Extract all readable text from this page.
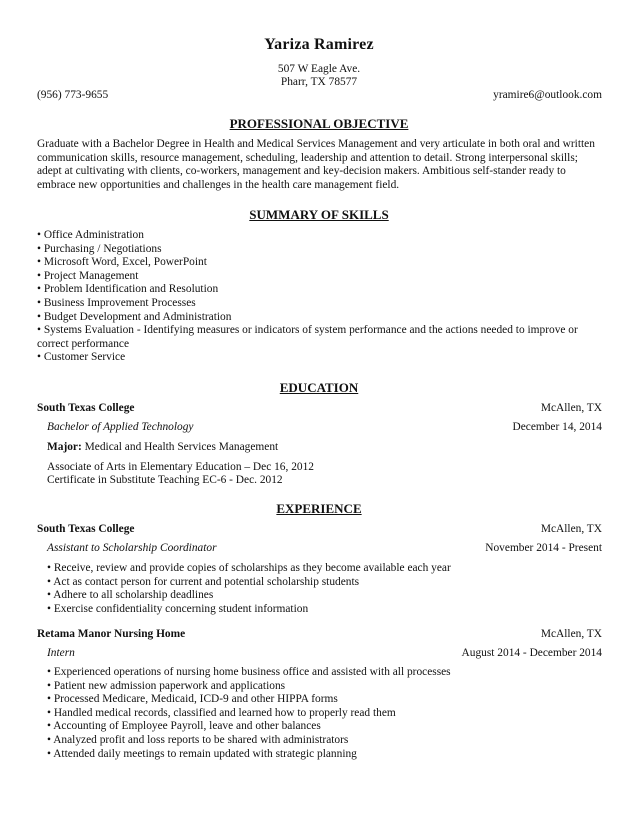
Yariza Ramirez
507 W Eagle Ave.
Pharr, TX 78577
(956) 773-9655	yramire6@outlook.com
PROFESSIONAL OBJECTIVE
Graduate with a Bachelor Degree in Health and Medical Services Management and very articulate in both oral and written communication skills, resource management, scheduling, leadership and attention to detail. Strong interpersonal skills; adept at cultivating with clients, co-workers, management and key-decision makers. Ambitious self-stander ready to embrace new opportunities and challenges in the health care management field.
SUMMARY OF SKILLS
• Office Administration
• Purchasing / Negotiations
• Microsoft Word, Excel, PowerPoint
• Project Management
• Problem Identification and Resolution
• Business Improvement Processes
• Budget Development and Administration
• Systems Evaluation - Identifying measures or indicators of system performance and the actions needed to improve or
correct performance
• Customer Service
EDUCATION
South Texas College	McAllen, TX
Bachelor of Applied Technology	December 14, 2014
Major: Medical and Health Services Management
Associate of Arts in Elementary Education – Dec 16, 2012
Certificate in Substitute Teaching EC-6 - Dec. 2012
EXPERIENCE
South Texas College	McAllen, TX
Assistant to Scholarship Coordinator	November 2014 - Present
• Receive, review and provide copies of scholarships as they become available each year
• Act as contact person for current and potential scholarship students
• Adhere to all scholarship deadlines
• Exercise confidentiality concerning student information
Retama Manor Nursing Home	McAllen, TX
Intern	August 2014 - December 2014
• Experienced operations of nursing home business office and assisted with all processes
• Patient new admission paperwork and applications
• Processed Medicare, Medicaid, ICD-9 and other HIPPA forms
• Handled medical records, classified and learned how to properly read them
• Accounting of Employee Payroll, leave and other balances
• Analyzed profit and loss reports to be shared with administrators
• Attended daily meetings to remain updated with strategic planning
